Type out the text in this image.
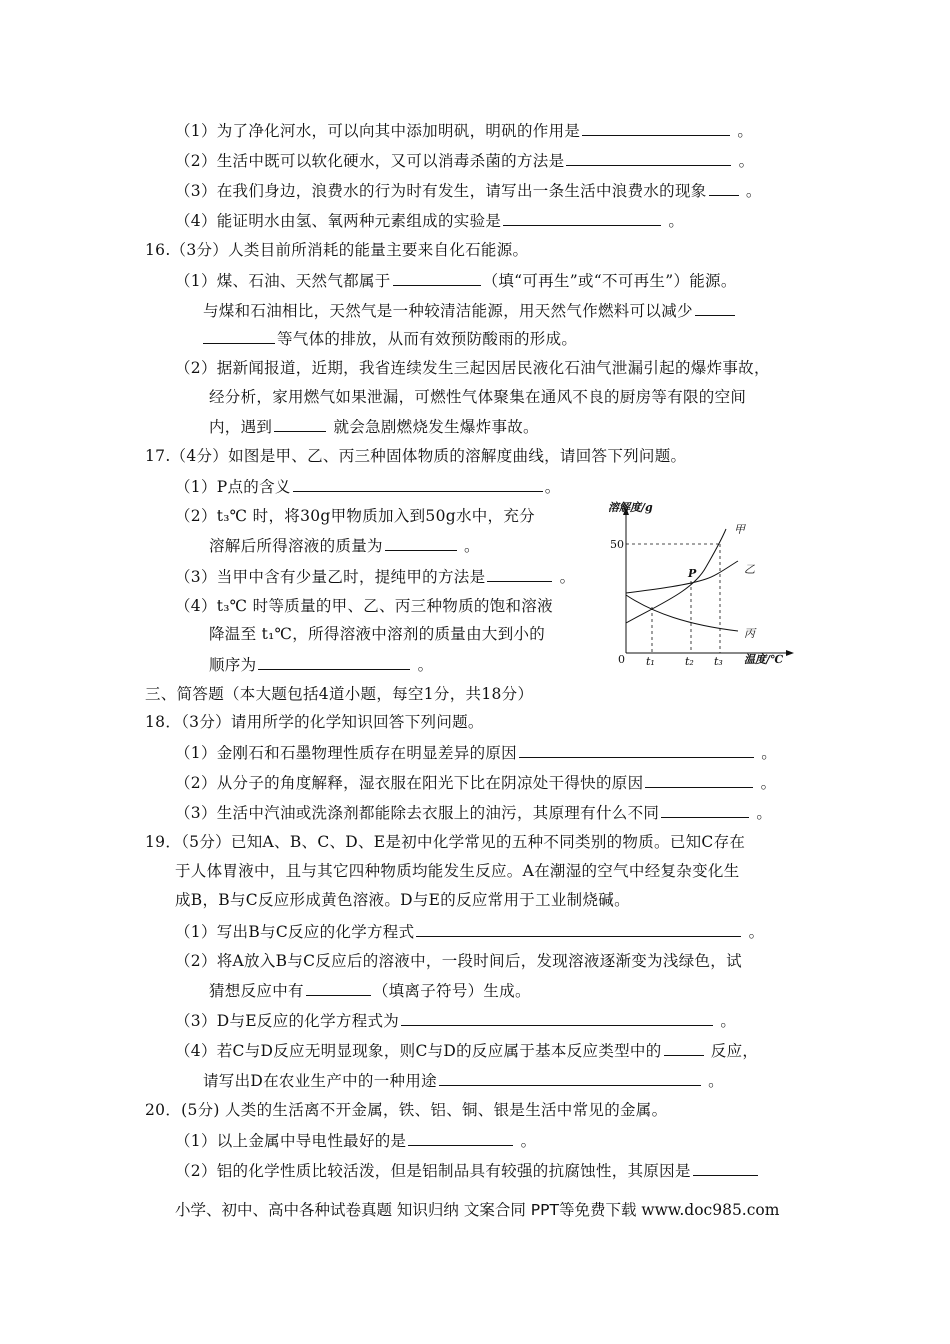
（1）为了净化河水，可以向其中添加明矾，明矾的作用是	。
（2）生活中既可以软化硬水，又可以消毒杀菌的方法是	。
（3）在我们身边，浪费水的行为时有发生，请写出一条生活中浪费水的现象	。
（4）能证明水由氢、氧两种元素组成的实验是	。
16.（3分）人类目前所消耗的能量主要来自化石能源。
（1）煤、石油、天然气都属于	（填“可再生”或“不可再生”）能源。
与煤和石油相比，天然气是一种较清洁能源，用天然气作燃料可以减少
等气体的排放，从而有效预防酸雨的形成。
（2）据新闻报道，近期，我省连续发生三起因居民液化石油气泄漏引起的爆炸事故，
经分析，家用燃气如果泄漏，可燃性气体聚集在通风不良的厨房等有限的空间
内，遇到	就会急剧燃烧发生爆炸事故。
17.（4分）如图是甲、乙、丙三种固体物质的溶解度曲线，请回答下列问题。
（1）P点的含义	。
（2）t₃℃ 时，将30g甲物质加入到50g水中，充分
溶解后所得溶液的质量为	。
（3）当甲中含有少量乙时，提纯甲的方法是	。
（4）t₃℃ 时等质量的甲、乙、丙三种物质的饱和溶液
降温至 t₁℃，所得溶液中溶剂的质量由大到小的
顺序为	。
溶解度/g
50
0 t₁	t₂ t₃ 温度/℃
甲
乙
丙
P
三、简答题（本大题包括4道小题，每空1分，共18分）
18．（3分）请用所学的化学知识回答下列问题。
（1）金刚石和石墨物理性质存在明显差异的原因	。
（2）从分子的角度解释，湿衣服在阳光下比在阴凉处干得快的原因	。
（3）生活中汽油或洗涤剂都能除去衣服上的油污，其原理有什么不同	。
19．（5分）已知A、B、C、D、E是初中化学常见的五种不同类别的物质。已知C存在
于人体胃液中，且与其它四种物质均能发生反应。A在潮湿的空气中经复杂变化生
成B，B与C反应形成黄色溶液。D与E的反应常用于工业制烧碱。
（1）写出B与C反应的化学方程式	。
（2）将A放入B与C反应后的溶液中，一段时间后，发现溶液逐渐变为浅绿色，试
猜想反应中有	（填离子符号）生成。
（3）D与E反应的化学方程式为	。
（4）若C与D反应无明显现象，则C与D的反应属于基本反应类型中的	反应，
请写出D在农业生产中的一种用途	。
20．(5分) 人类的生活离不开金属，铁、铝、铜、银是生活中常见的金属。
（1）以上金属中导电性最好的是	。
（2）铝的化学性质比较活泼，但是铝制品具有较强的抗腐蚀性，其原因是
小学、初中、高中各种试卷真题 知识归纳 文案合同 PPT等免费下载 www.doc985.com
